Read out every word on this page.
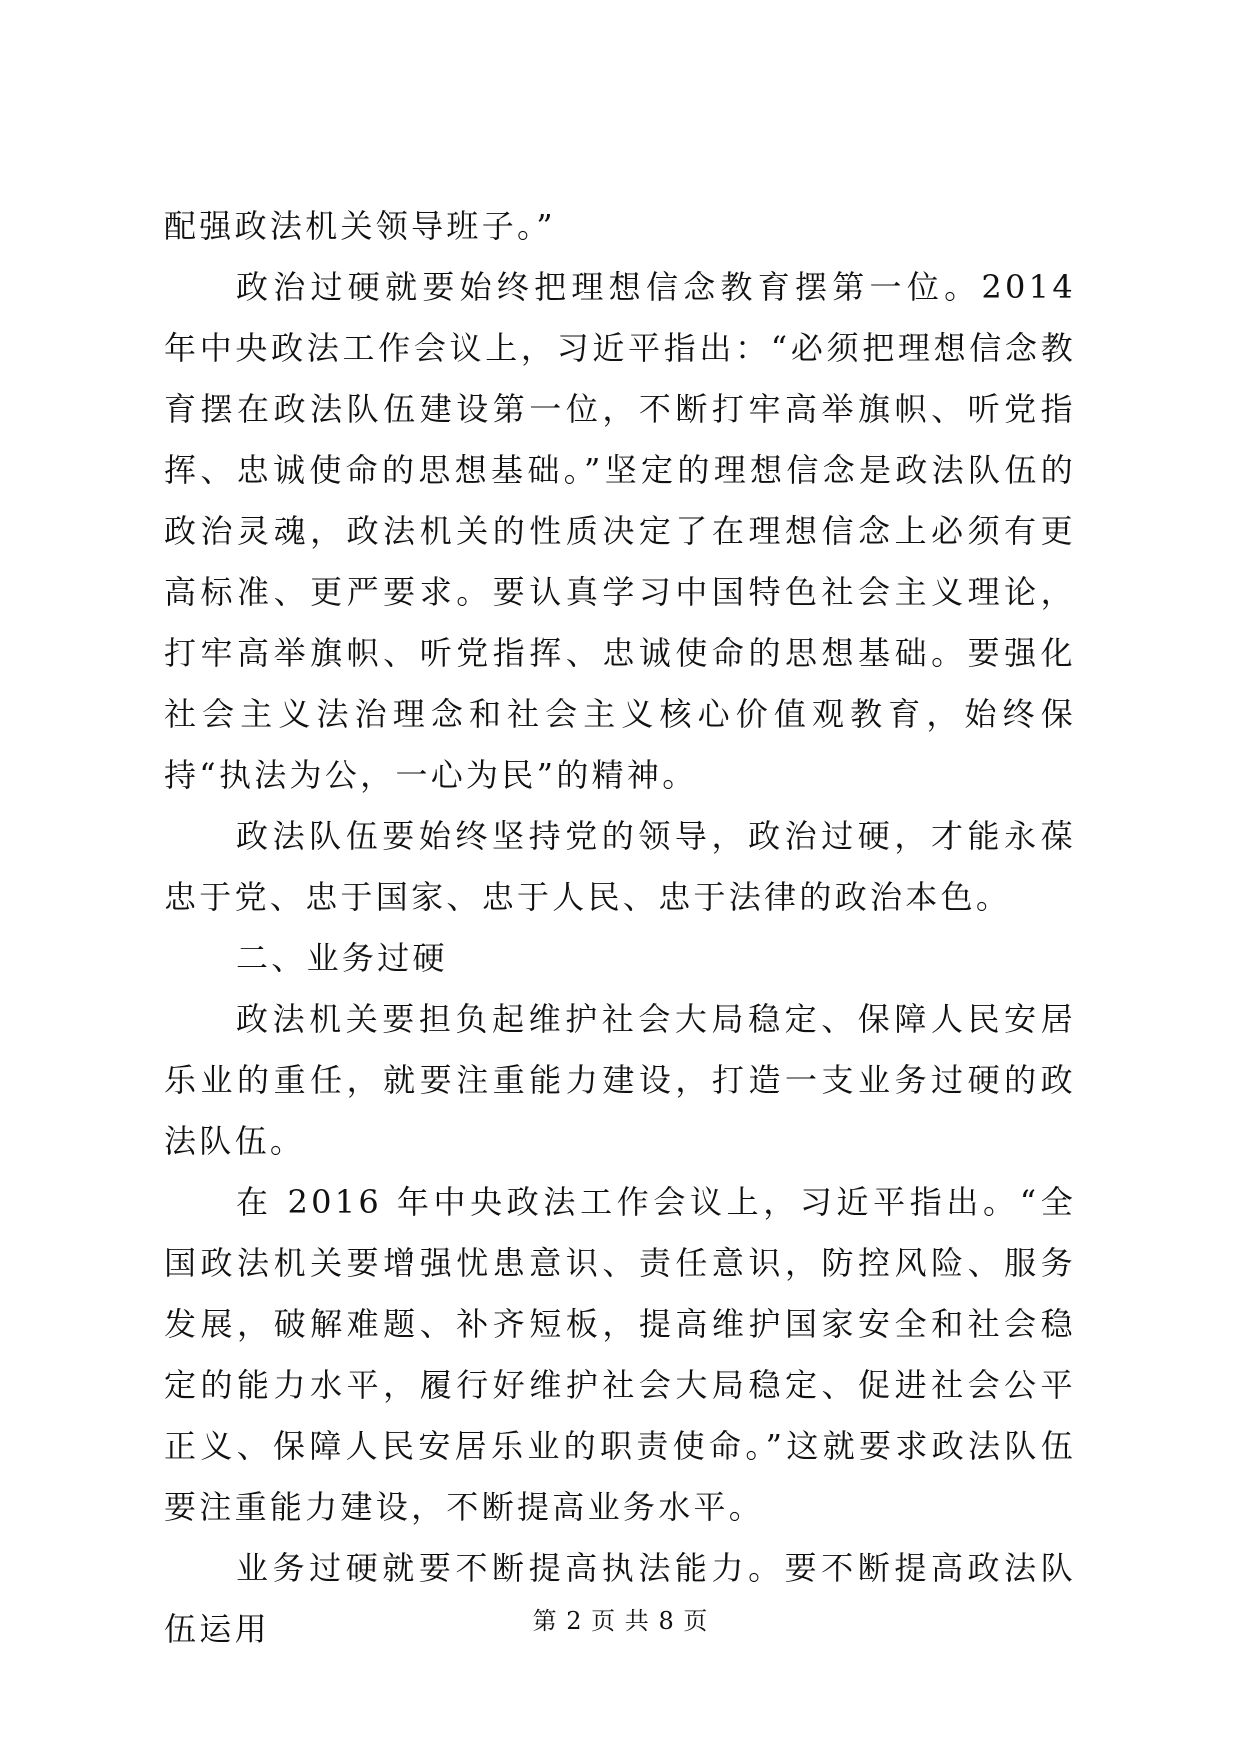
配强政法机关领导班子。”

政治过硬就要始终把理想信念教育摆第一位。2014 年中央政法工作会议上，习近平指出：“必须把理想信念教育摆在政法队伍建设第一位，不断打牢高举旗帜、听党指挥、忠诚使命的思想基础。”坚定的理想信念是政法队伍的政治灵魂，政法机关的性质决定了在理想信念上必须有更高标准、更严要求。要认真学习中国特色社会主义理论，打牢高举旗帜、听党指挥、忠诚使命的思想基础。要强化社会主义法治理念和社会主义核心价值观教育，始终保持“执法为公，一心为民”的精神。

政法队伍要始终坚持党的领导，政治过硬，才能永葆忠于党、忠于国家、忠于人民、忠于法律的政治本色。

二、业务过硬

政法机关要担负起维护社会大局稳定、保障人民安居乐业的重任，就要注重能力建设，打造一支业务过硬的政法队伍。

在 2016 年中央政法工作会议上，习近平指出。“全国政法机关要增强忧患意识、责任意识，防控风险、服务发展，破解难题、补齐短板，提高维护国家安全和社会稳定的能力水平，履行好维护社会大局稳定、促进社会公平正义、保障人民安居乐业的职责使命。”这就要求政法队伍要注重能力建设，不断提高业务水平。

业务过硬就要不断提高执法能力。要不断提高政法队伍运用	第 2 页 共 8 页
